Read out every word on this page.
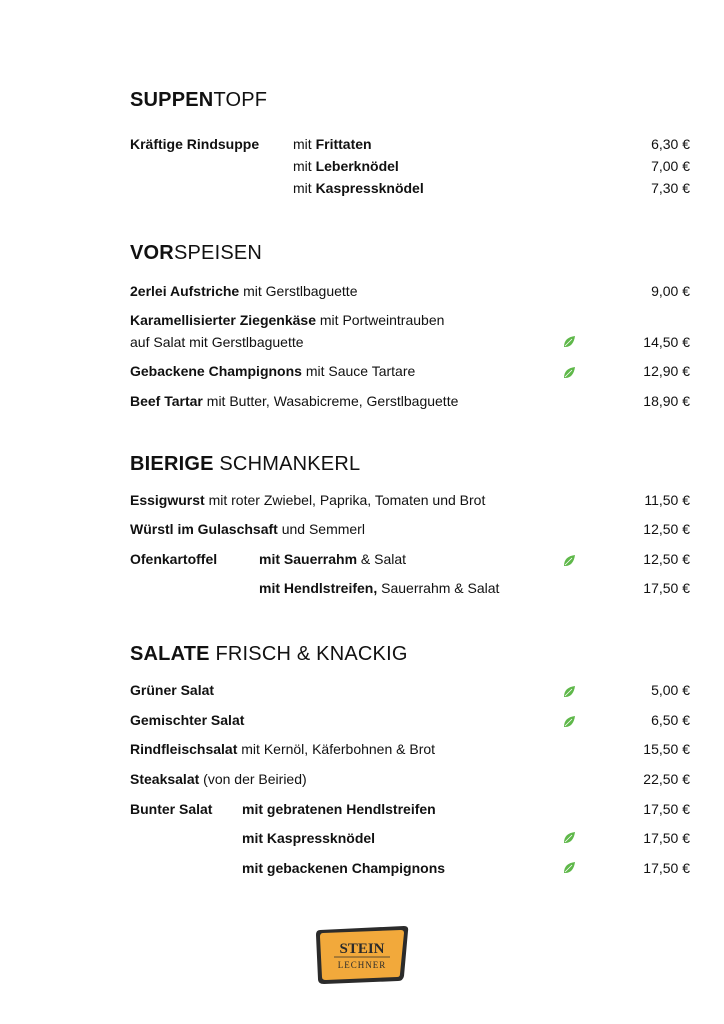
SUPPENTOPF
Kräftige Rindsuppe mit Frittaten	6,30 €
mit Leberknödel	7,00 €
mit Kaspressknödel	7,30 €
VORSPEISEN
2erlei Aufstriche mit Gerstlbaguette	9,00 €
Karamellisierter Ziegenkäse mit Portweintrauben
auf Salat mit Gerstlbaguette	14,50 €
Gebackene Champignons mit Sauce Tartare	12,90 €
Beef Tartar mit Butter, Wasabicreme, Gerstlbaguette	18,90 €
BIERIGE SCHMANKERL
Essigwurst mit roter Zwiebel, Paprika, Tomaten und Brot	11,50 €
Würstl im Gulaschsaft und Semmerl	12,50 €
Ofenkartoffel	mit Sauerrahm & Salat	12,50 €
mit Hendlstreifen, Sauerrahm & Salat	17,50 €
SALATE FRISCH & KNACKIG
Grüner Salat	5,00 €
Gemischter Salat	6,50 €
Rindfleischsalat mit Kernöl, Käferbohnen & Brot	15,50 €
Steaksalat (von der Beiried)	22,50 €
Bunter Salat mit gebratenen Hendlstreifen	17,50 €
mit Kaspressknödel	17,50 €
mit gebackenen Champignons	17,50 €
STEIN
LECHNER
